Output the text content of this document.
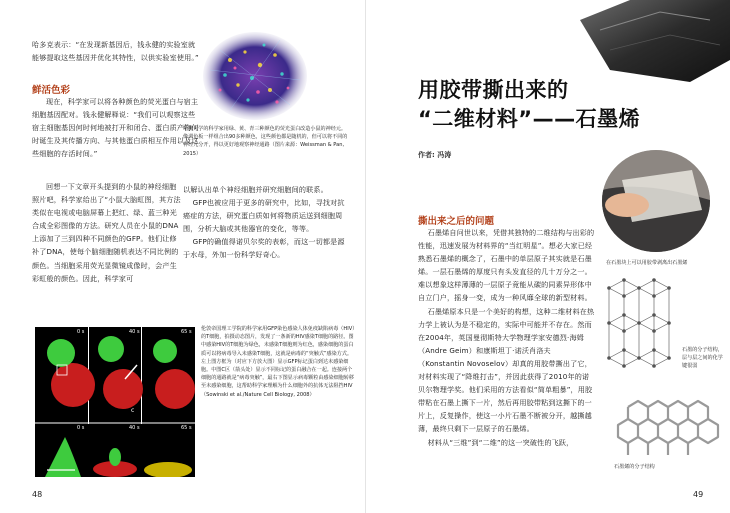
哈多克表示：“在发现新基因后，钱永健的实验室就能够提取这些基因并优化其特性，以供实验室使用。”
鲜活色彩
现在，科学家可以将各种颜色的荧光蛋白与宿主细胞基因配对。钱永健解释说：“我们可以观察这些宿主细胞基因何时何地被打开和闭合、蛋白质产物何时诞生及其传播方向、与其他蛋白质相互作用以及这些细胞的存活时间。”
回想一下文章开头提到的小鼠的神经细胞照片吧，科学家给出了“小鼠大脑虹图，其方法类似在电视或电脑屏幕上把红、绿、蓝三种光合成全彩图像的方法。研究人员在小鼠的DNA上添加了三到四种不同颜色的GFP。他们让修补了DNA，使每个脑细胞随机表达不同比例的颜色。当细胞采用荧光显微镜成像时，会产生彩虹般的颜色。因此，科学家可
以解认出单个神经细胞并研究细胞间的联系。
GFP也被应用于更多的研究中，比如，寻找对抗癌症的方法，研究蛋白质如何将物质运送到细胞周围，分析大脑或其他器官的变化，等等。
GFP的确值得诺贝尔奖的表彰，而这一切都是源于水母，外加一份科学好奇心。
哈佛大学的科学家用绿、黄、青三种颜色的荧光蛋白改造小鼠的神经元。像调色板一样组合出90多种颜色，这些颜色都是随机的，但可以将不同的神经元分开，得以更好地观察神经通路（图片来源：Weissman & Pan, 2015）
0 s	40 s	65 s
0 s	40 s	65 s
c
伦敦帝国理工学院的科学家用GFP染色感染人体免疫缺陷病毒（HIV）的T细胞，拍摄动态图片，发现了一条新的HIV感染T细胞的路径。图中感染HIV的T细胞为绿色，未感染T细胞则为红色，感染细胞的蛋白质可以将病毒导入未感染T细胞，这就是病毒的“突触式”感染方式。左上图方框为（对应下方放大图）显示GFP标记蛋白到达未感染细胞。中图C区（箭头处）显示不同标记的蛋白融合在一起。连接两个细胞的通路就是“病毒突触”，最右下图显示病毒颗粒由感染细胞转移至未感染细胞，这帮助科学家理解为什么细胞外的抗体无法阻挡HIV（Sowinski et al./Nature Cell Biology, 2008）
48
用胶带撕出来的
“二维材料”——石墨烯
作者: 冯涛
在石墨块上可以用胶带剥离出石墨烯
撕出来之后的问题
石墨烯自问世以来，凭借其独特的二维结构与出彩的性能，迅速发展为材料界的“当红明星”。想必大家已经熟悉石墨烯的概念了，石墨中的单层原子其实就是石墨烯。一层石墨烯的厚度只有头发直径的几十万分之一。难以想象这样薄薄的一层原子竟能从碳的同素异形体中自立门户，摇身一变，成为一种风靡全球的新型材料。
石墨烯原本只是一个美好的构想，这种二维材料在热力学上被认为是不稳定的，实际中可能并不存在。然而在2004年，英国曼彻斯特大学物理学家安德烈·海姆（Andre Geim）和康斯坦丁·诺沃肖洛夫（Konstantin Novoselov）却真的用胶带撕出了它，对材料实现了“降维打击”，并因此获得了2010年的诺贝尔物理学奖。他们采用的方法看似“简单粗暴”，用胶带粘在石墨上撕下一片，然后再用胶带粘到这撕下的一片上，反复操作，使这一小片石墨不断被分开，越撕越薄，最终只剩下一层原子的石墨烯。
材料从“三维”到“二维”的这一突破性的飞跃，
石墨的分子结构，层与层之间的化学键很弱
石墨烯的分子结构
49
